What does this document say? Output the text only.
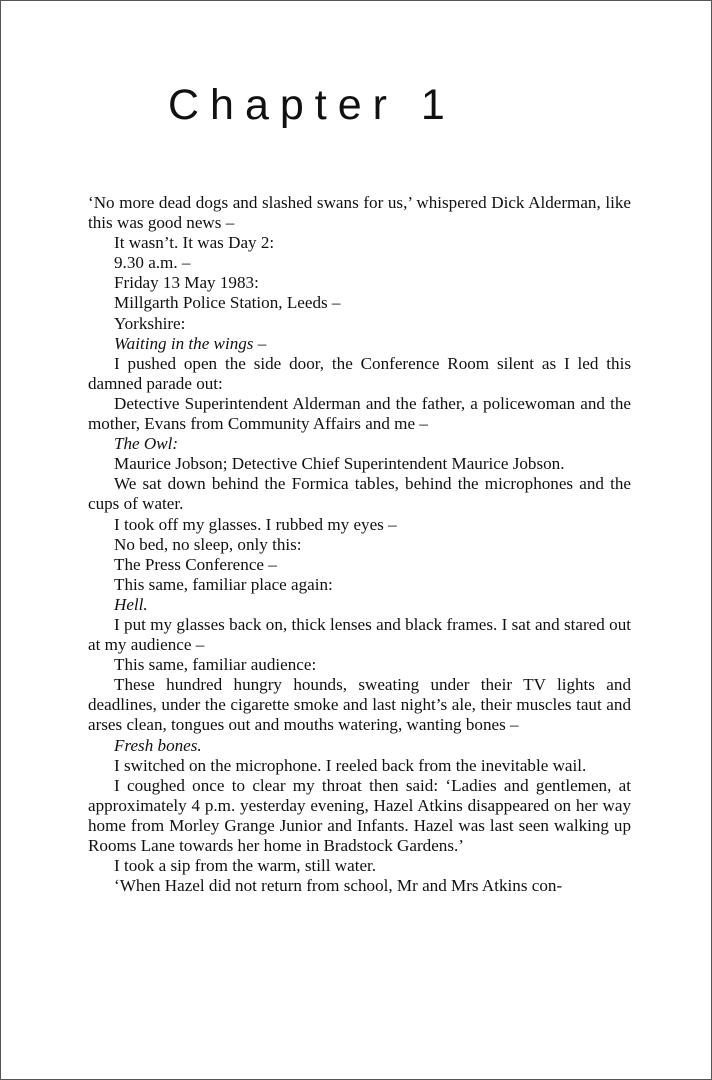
Chapter 1

‘No more dead dogs and slashed swans for us,’ whispered Dick Alderman, like this was good news –

It wasn’t. It was Day 2:

9.30 a.m. –

Friday 13 May 1983:

Millgarth Police Station, Leeds –

Yorkshire:

Waiting in the wings –

I pushed open the side door, the Conference Room silent as I led this damned parade out:

Detective Superintendent Alderman and the father, a policewoman and the mother, Evans from Community Affairs and me –

The Owl:

Maurice Jobson; Detective Chief Superintendent Maurice Jobson.

We sat down behind the Formica tables, behind the microphones and the cups of water.

I took off my glasses. I rubbed my eyes –

No bed, no sleep, only this:

The Press Conference –

This same, familiar place again:

Hell.

I put my glasses back on, thick lenses and black frames. I sat and stared out at my audience –

This same, familiar audience:

These hundred hungry hounds, sweating under their TV lights and deadlines, under the cigarette smoke and last night’s ale, their muscles taut and arses clean, tongues out and mouths watering, wanting bones –

Fresh bones.

I switched on the microphone. I reeled back from the inevitable wail.

I coughed once to clear my throat then said: ‘Ladies and gentlemen, at approximately 4 p.m. yesterday evening, Hazel Atkins disappeared on her way home from Morley Grange Junior and Infants. Hazel was last seen walking up Rooms Lane towards her home in Bradstock Gardens.’

I took a sip from the warm, still water.

‘When Hazel did not return from school, Mr and Mrs Atkins con-
